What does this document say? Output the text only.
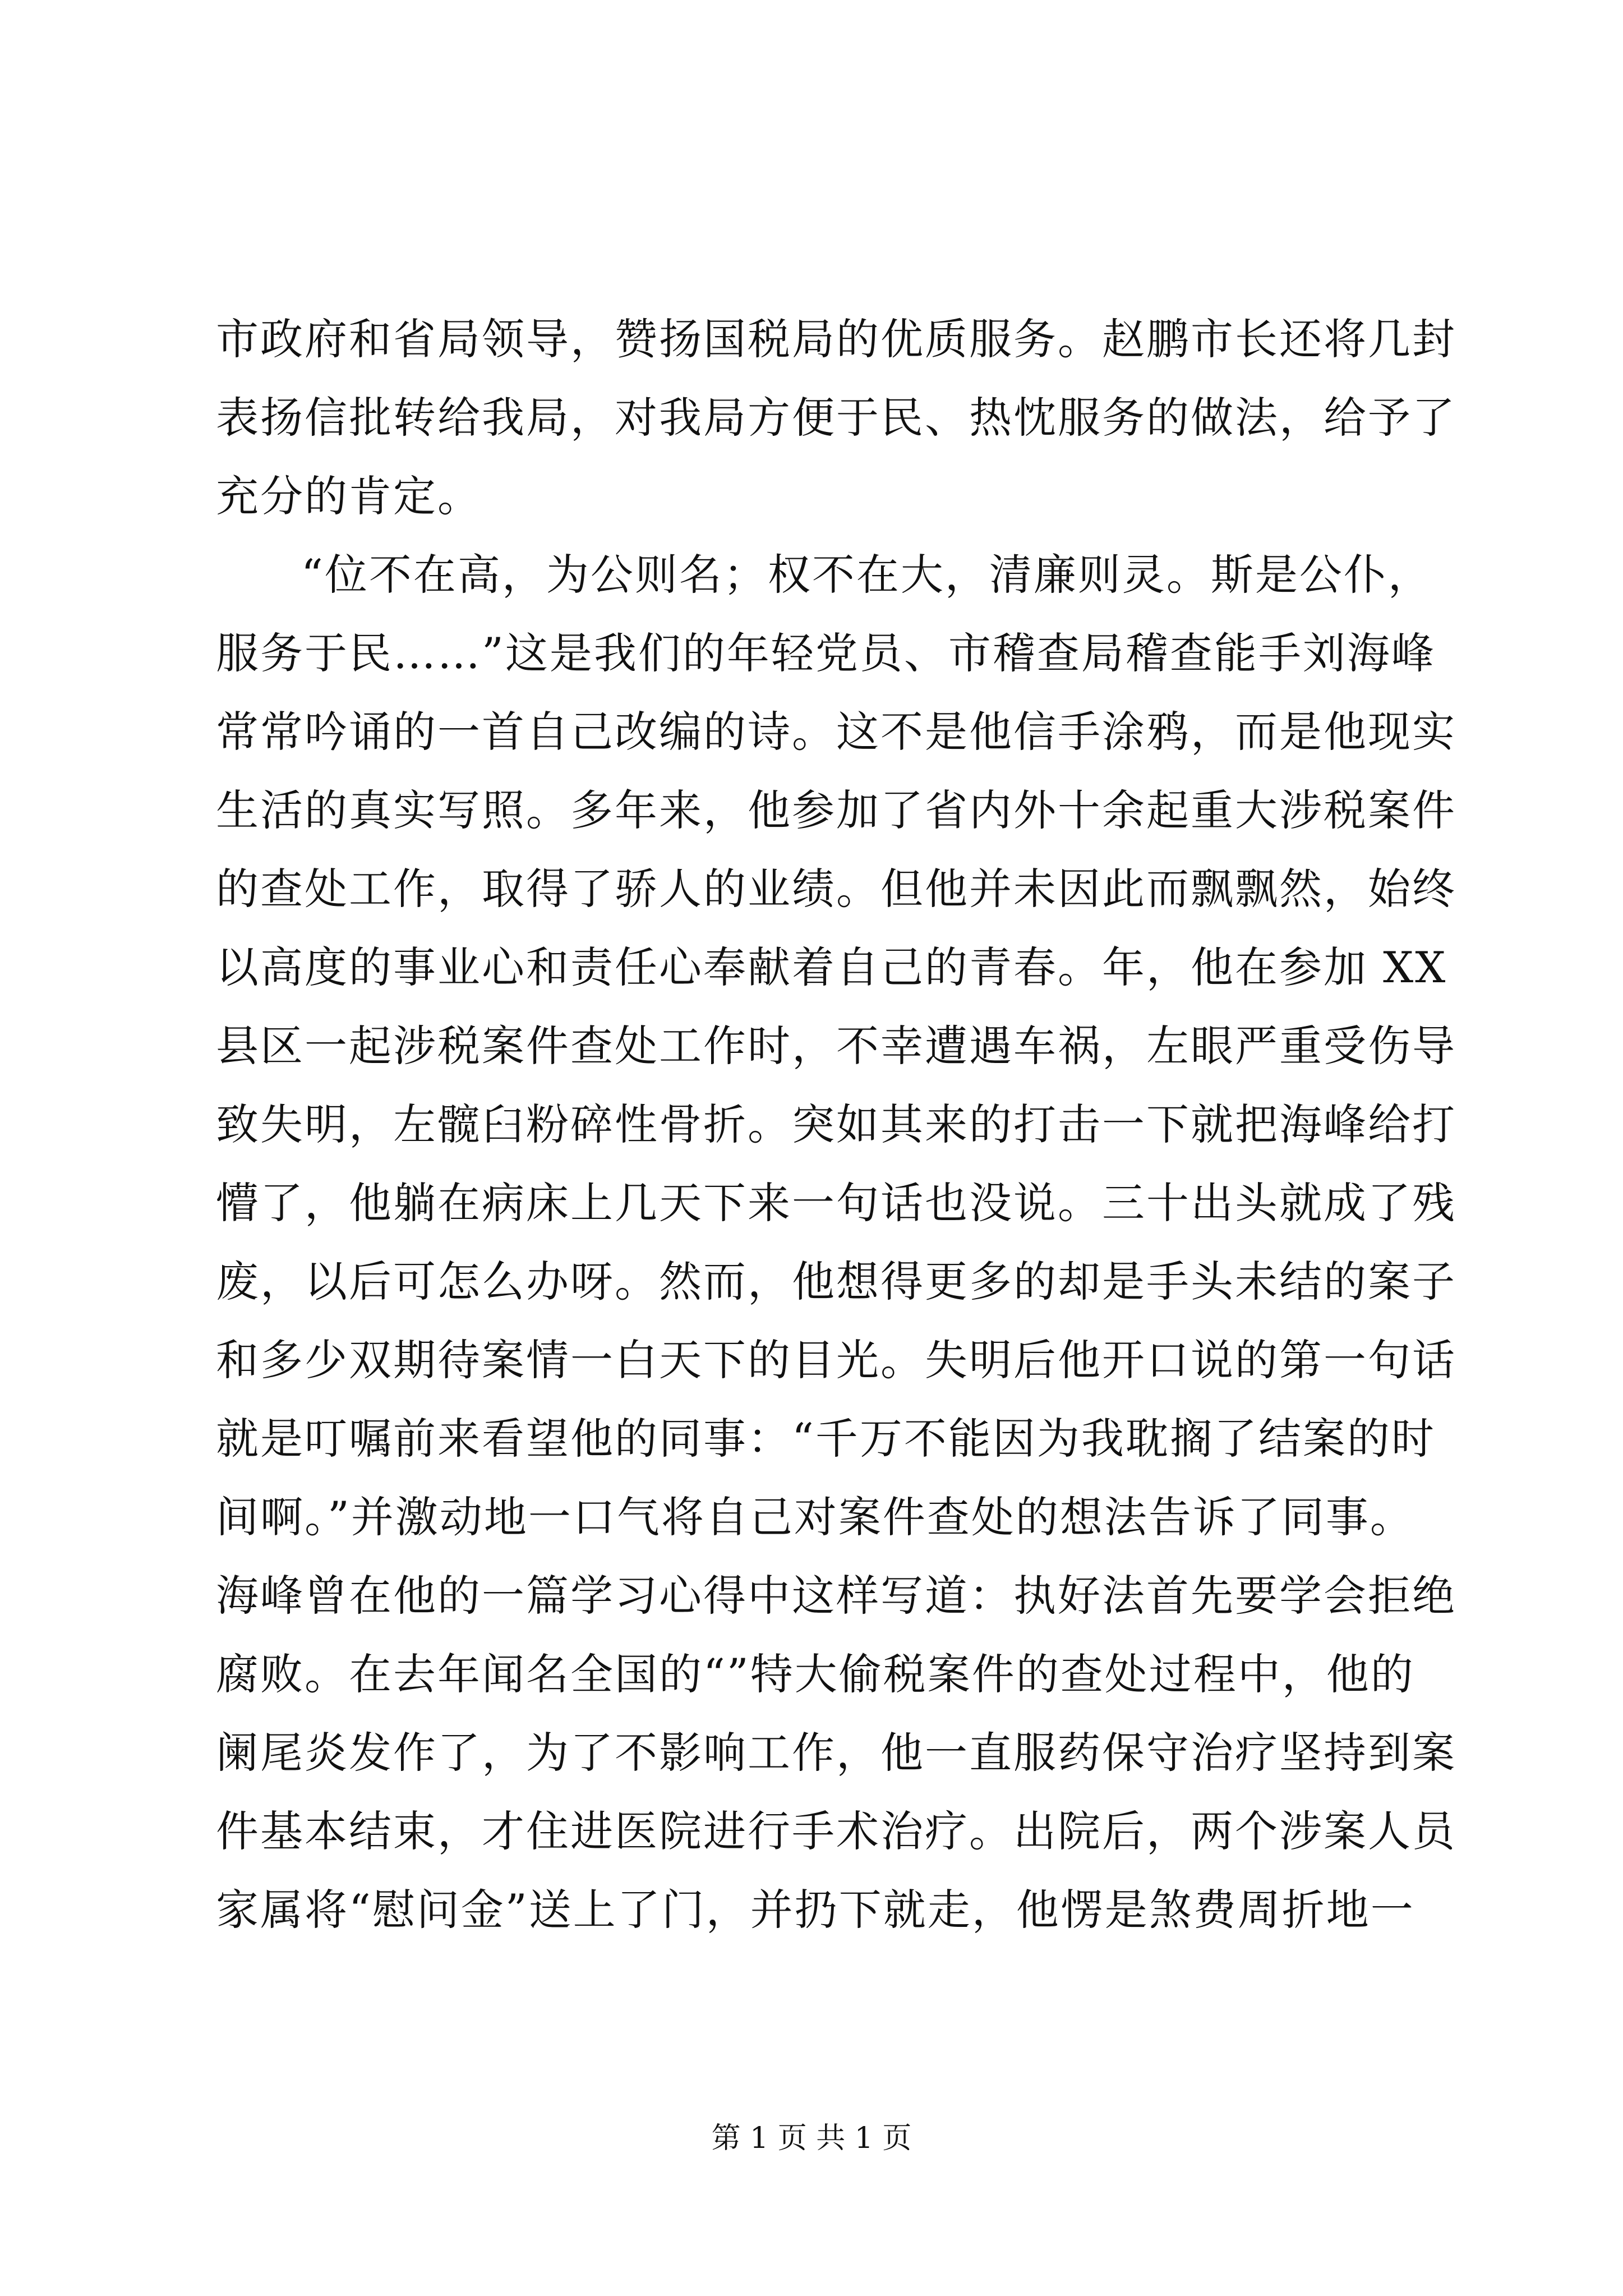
市政府和省局领导，赞扬国税局的优质服务。赵鹏市长还将几封
表扬信批转给我局，对我局方便于民、热忱服务的做法，给予了
充分的肯定。
“位不在高，为公则名；权不在大，清廉则灵。斯是公仆，
服务于民……”这是我们的年轻党员、市稽查局稽查能手刘海峰
常常吟诵的一首自己改编的诗。这不是他信手涂鸦，而是他现实
生活的真实写照。多年来，他参加了省内外十余起重大涉税案件
的查处工作，取得了骄人的业绩。但他并未因此而飘飘然，始终
以高度的事业心和责任心奉献着自己的青春。年，他在参加 XX
县区一起涉税案件查处工作时，不幸遭遇车祸，左眼严重受伤导
致失明，左髋臼粉碎性骨折。突如其来的打击一下就把海峰给打
懵了，他躺在病床上几天下来一句话也没说。三十出头就成了残
废，以后可怎么办呀。然而，他想得更多的却是手头未结的案子
和多少双期待案情一白天下的目光。失明后他开口说的第一句话
就是叮嘱前来看望他的同事：“千万不能因为我耽搁了结案的时
间啊。”并激动地一口气将自己对案件查处的想法告诉了同事。
海峰曾在他的一篇学习心得中这样写道：执好法首先要学会拒绝
腐败。在去年闻名全国的“”特大偷税案件的查处过程中，他的
阑尾炎发作了，为了不影响工作，他一直服药保守治疗坚持到案
件基本结束，才住进医院进行手术治疗。出院后，两个涉案人员
家属将“慰问金”送上了门，并扔下就走，他愣是煞费周折地一
第 1 页 共 1 页
